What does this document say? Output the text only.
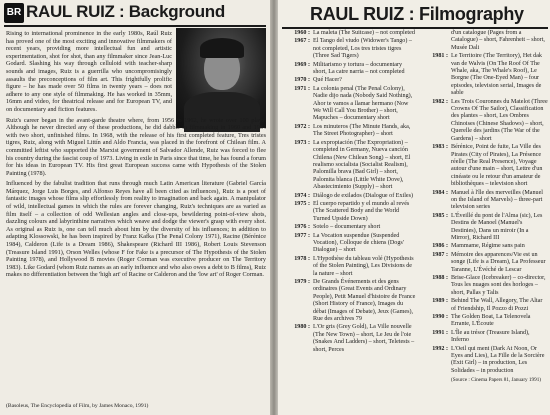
BR RAUL RUIZ : Background

Rising to international prominence in the early 1980s, Raúl Ruiz has proved one of the most exciting and innovative filmmakers of recent years, providing more intellectual fun and artistic experimentation, shot for shot, than any filmmaker since Jean-Luc Godard. Slashing his way through celluloid with teacher-sharp sounds and images, Ruiz is a guerrilla who uncompromisingly assaults the preconceptions of film art. This frightfully prolific figure – he has made over 50 films in twenty years – does not adhere to any one style of filmmaking. He has worked in 35mm, 16mm and video, for theatrical release and for European TV, and on documentary and fiction features.

Ruiz's career began in the avant-garde theatre where, from 1956 to 1962, he wrote over 100 plays. Although he never directed any of these productions, he did dabble in filmmaking in 1960 and 1964 with two short, unfinished films. In 1968, with the release of his first completed feature, Tres tristes tigres, Ruiz, along with Miguel Littín and Aldo Francia, was placed in the forefront of Chilean film. A committed leftist who supported the Marxist government of Salvador Allende, Ruiz was forced to flee his country during the fascist coup of 1973. Living in exile in Paris since that time, he has found a forum for his ideas in European TV. His first great European success came with Hypothesis of the Stolen Painting (1978).

Influenced by the fabulist tradition that runs through much Latin American literature (Gabriel García Márquez, Jorge Luis Borges, and Alfonso Reyes have all been cited as influences), Ruiz is a poet of fantastic images whose films slip effortlessly from reality to imagination and back again. A manipulator of wild, intellectual games in which the rules are forever changing, Ruiz's techniques are as varied as film itself – a collection of odd Wellesian angles and close-ups, bewildering point-of-view shots, dazzling colours and labyrinthine narratives which weave and dodge the viewer's grasp with every shot. As original as Ruiz is, one can tell much about him by the diversity of his influences; in addition to adapting Klossowski, he has been inspired by Franz Kafka (The Penal Colony 1971), Racine (Bérénice 1984), Calderon (Life is a Dream 1986), Shakespeare (Richard III 1986), Robert Louis Stevenson (Treasure Island 1991), Orson Welles (whose F for Fake is a precursor of The Hypothesis of the Stolen Painting 1978), and Hollywood B movies (Roger Corman was executive producer on The Territory 1983). Like Godard (whom Ruiz names as an early influence and who also owes a debt to B films), Ruiz makes no differentiation between the 'high art' of Racine or Calderon and the 'low art' of Roger Corman.

(Basoleus, The Encyclopedia of Film, by James Monaco, 1991)
RAUL RUIZ : Filmography
1960 : La maleta (The Suitcase) – not completed
1967 : El Tango del viudo (Widower's Tango) – not completed, Los tres tristes tigres (Three Sad Tigers)
1969 : Militarismo y tortura – documentary short, La catre narria – not completed
1970 : Qué Hacer?
1971 : La colonia penal (The Penal Colony), Nadie dijo nada (Nobody Said Nothing), Ahor te vamos a llamar hermano (Now We Will Call You Brother) – short, Mapuches – documentary short
1972 : Los minuteros (The Minute Hands, aka, The Street Photographer) – short
1973 : La expropiación (The Expropriation) – completed in Germany, Nueva canción Chilena (New Chilean Song) – short, El realismo socialista (Socialist Realism), Palomilla brava (Bad Girl) – short, Palomita blanca (Little White Dove), Abastecimiento (Supply) – short
1974 : Diálogo de exilados (Dialogue of Exiles)
1975 : El cuerpo repartido y el mundo al revés (The Scattered Body and the World Turned Upside Down)
1976 : Sotelo – documentary short
1977 : La Vocation suspendue (Suspended Vocation), Colloque de chiens (Dogs' Dialogue) – short
1978 : L'Hypothèse du tableau volé (Hypothesis of the Stolen Painting), Les Divisions de la nature – short
1979 : De Grands Événements et des gens ordinaires (Great Events and Ordinary People), Petit Manuel d'histoire de France (Short History of France), Images du débat (Images of Debate), Jeux (Games), Rue des archives 79
1980 : L'Or gris (Grey Gold), La Ville nouvelle (The New Town) – short, Le Jeu de l'oie (Snakes And Ladders) – short, Teletests – short, Perces
d'un catalogue (Pages from a Catalogue) – short, Fahrenheit – short, Musée Dali
1981 : Le Territoire (The Territory), Het dak van de Walvis (On The Roof Of The Whale, aka, The Whale's Roof), Le Borgne (The One-Eyed Man) – four episodes, television serial, Images de sable
1982 : Les Trois Couronnes du Matelot (Three Crowns Of The Sailor), Classification des plantes – short, Les Ombres Chinoises (Chinese Shadows) – short, Querelle des jardins (The War of the Gardens) – short
1983 : Bérénice, Point de fuite, La Ville des Pirates (City of Pirates), La Présence réelle (The Real Presence), Voyage autour d'une main – short, Lettre d'un cinéaste ou le retour d'un amateur de bibliothèques – television short
1984 : Manuel à l'île des merveilles (Manuel on the Island of Marvels) – three-part television series
1985 : L'Éveillé du pont de l'Alma (sic), Les Destins de Manoel (Manuel's Destinies), Dans un miroir (In a Mirror), Richard III
1986 : Mammame, Régime sans pain
1987 : Mémoire des apparences/Vie est un songe (Life is a Dream), La Professeur Taranne, L'Évéché de Lescar
1988 : Brise-Glace (Icebreaker) – co-director, Tous les nuages sont des horloges – short, Pallas y Talis
1989 : Behind The Wall, Allegory, The Altar of Friendship, Il Pozzo di Pozzi
1990 : The Golden Boat, La Telenovela Errante, L'Écoute
1991 : L'Île au trésor (Treasure Island), Inferno
1992 : L'Oeil qui ment (Dark At Noon, Or Eyes and Lies), La Fille de la Sorcière (Exit Girl) – in production, Les Solidades – in production
(Source : Cinema Papers 81, January 1991)
